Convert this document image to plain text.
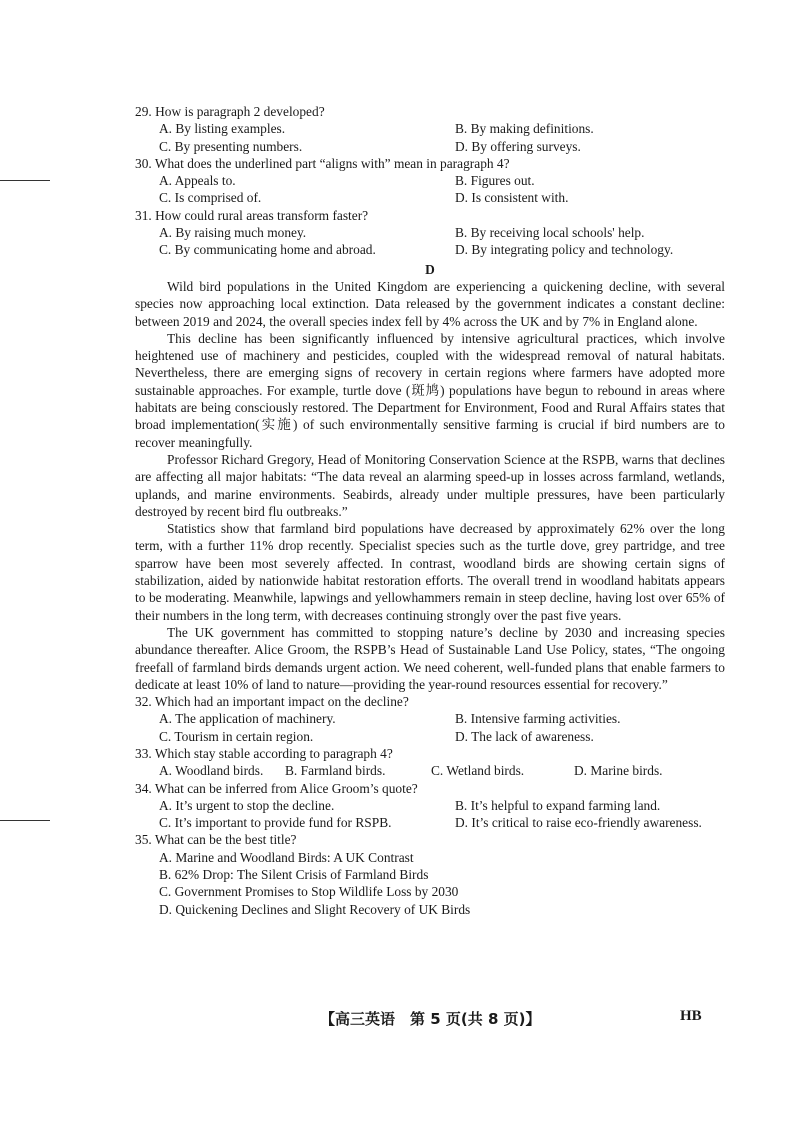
29. How is paragraph 2 developed?
A. By listing examples.	B. By making definitions.
C. By presenting numbers.	D. By offering surveys.
30. What does the underlined part “aligns with” mean in paragraph 4?
A. Appeals to.	B. Figures out.
C. Is comprised of.	D. Is consistent with.
31. How could rural areas transform faster?
A. By raising much money.	B. By receiving local schools' help.
C. By communicating home and abroad.	D. By integrating policy and technology.
D

Wild bird populations in the United Kingdom are experiencing a quickening decline, with several species now approaching local extinction. Data released by the government indicates a constant decline: between 2019 and 2024, the overall species index fell by 4% across the UK and by 7% in England alone.

This decline has been significantly influenced by intensive agricultural practices, which involve heightened use of machinery and pesticides, coupled with the widespread removal of natural habitats. Nevertheless, there are emerging signs of recovery in certain regions where farmers have adopted more sustainable approaches. For example, turtle dove (斑鸠) populations have begun to rebound in areas where habitats are being consciously restored. The Department for Environment, Food and Rural Affairs states that broad implementation(实施) of such environmentally sensitive farming is crucial if bird numbers are to recover meaningfully.

Professor Richard Gregory, Head of Monitoring Conservation Science at the RSPB, warns that declines are affecting all major habitats: “The data reveal an alarming speed-up in losses across farmland, wetlands, uplands, and marine environments. Seabirds, already under multiple pressures, have been particularly destroyed by recent bird flu outbreaks.”

Statistics show that farmland bird populations have decreased by approximately 62% over the long term, with a further 11% drop recently. Specialist species such as the turtle dove, grey partridge, and tree sparrow have been most severely affected. In contrast, woodland birds are showing certain signs of stabilization, aided by nationwide habitat restoration efforts. The overall trend in woodland habitats appears to be moderating. Meanwhile, lapwings and yellowhammers remain in steep decline, having lost over 65% of their numbers in the long term, with decreases continuing strongly over the past five years.

The UK government has committed to stopping nature’s decline by 2030 and increasing species abundance thereafter. Alice Groom, the RSPB’s Head of Sustainable Land Use Policy, states, “The ongoing freefall of farmland birds demands urgent action. We need coherent, well-funded plans that enable farmers to dedicate at least 10% of land to nature—providing the year-round resources essential for recovery.”

32. Which had an important impact on the decline?
A. The application of machinery.	B. Intensive farming activities.
C. Tourism in certain region.	D. The lack of awareness.
33. Which stay stable according to paragraph 4?
A. Woodland birds.	B. Farmland birds.	C. Wetland birds.	D. Marine birds.
34. What can be inferred from Alice Groom’s quote?
A. It’s urgent to stop the decline.	B. It’s helpful to expand farming land.
C. It’s important to provide fund for RSPB.	D. It’s critical to raise eco-friendly awareness.
35. What can be the best title?
A. Marine and Woodland Birds: A UK Contrast
B. 62% Drop: The Silent Crisis of Farmland Birds
C. Government Promises to Stop Wildlife Loss by 2030
D. Quickening Declines and Slight Recovery of UK Birds
【高三英语　第 5 页(共 8 页)】	HB
